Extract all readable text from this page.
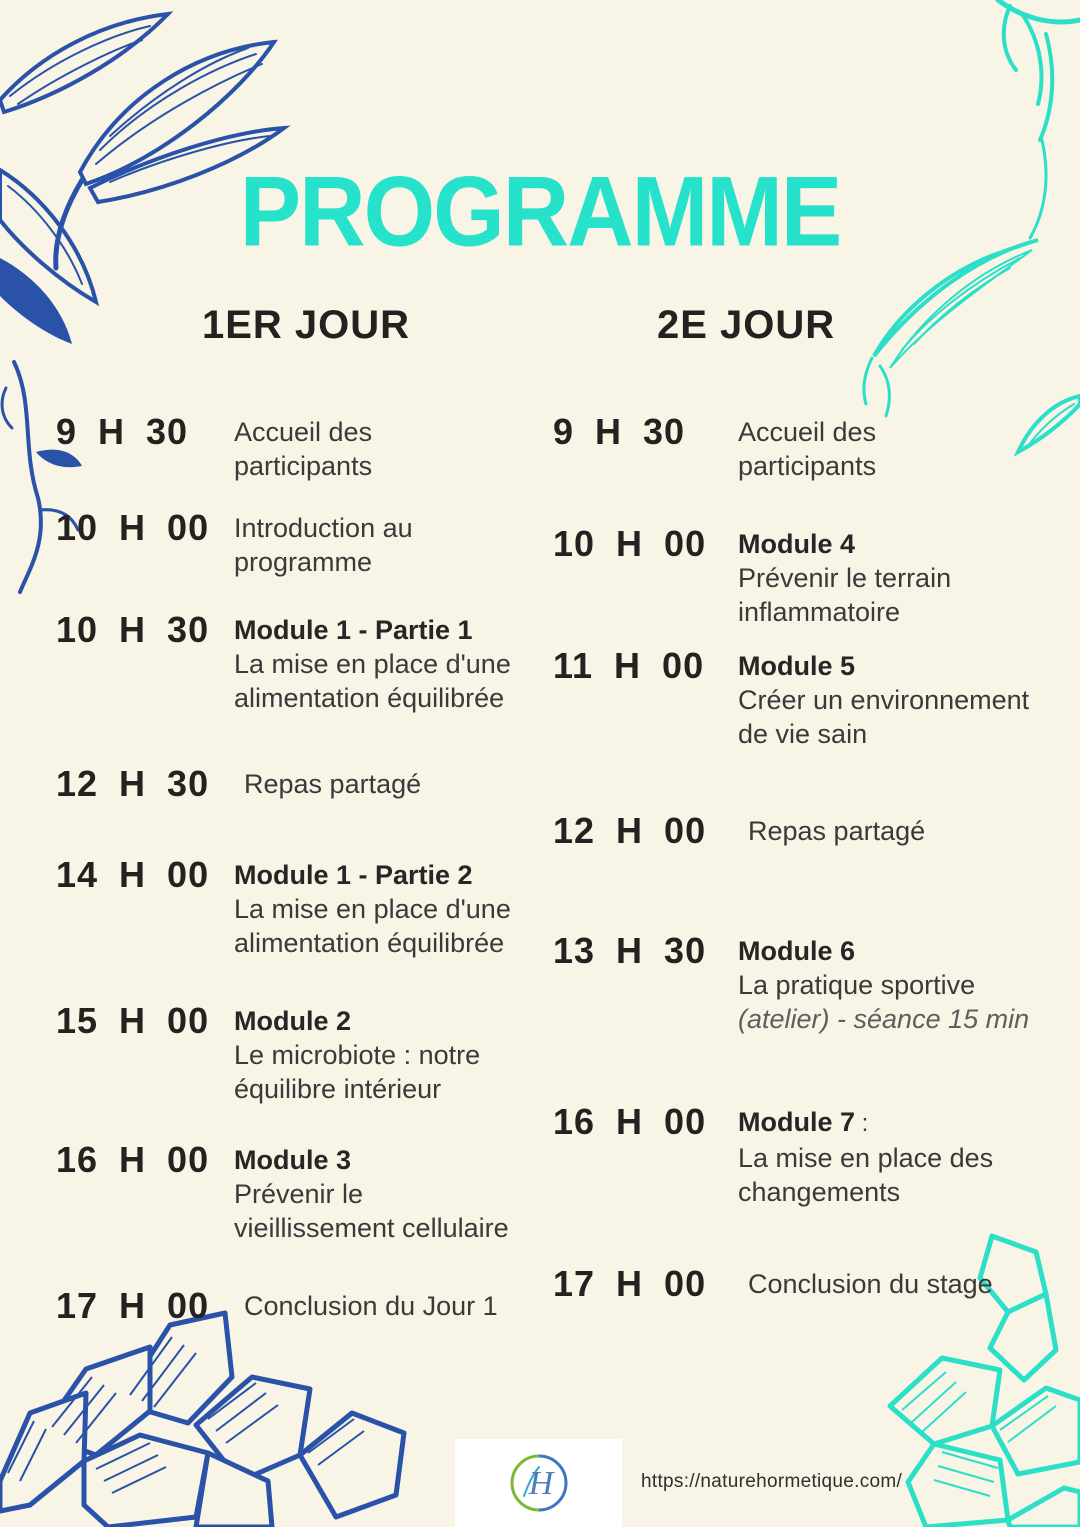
PROGRAMME
1ER JOUR	2E JOUR
9 H 30	Accueil des
participants
10 H 00 Introduction au
programme
10 H 30 Module 1 - Partie 1
La mise en place d'une
alimentation équilibrée
12 H 30	Repas partagé
14 H 00 Module 1 - Partie 2
La mise en place d'une
alimentation équilibrée
15 H 00 Module 2
Le microbiote : notre
équilibre intérieur
16 H 00 Module 3
Prévenir le
vieillissement cellulaire
17 H 00	Conclusion du Jour 1
9 H 30	Accueil des
participants
10 H 00	Module 4
Prévenir le terrain
inflammatoire
11 H 00	Module 5
Créer un environnement
de vie sain
12 H 00	Repas partagé
13 H 30	Module 6
La pratique sportive
(atelier) - séance 15 min
16 H 00	Module 7 :
La mise en place des
changements
17 H 00	Conclusion du stage
H	https://naturehormetique.com/
